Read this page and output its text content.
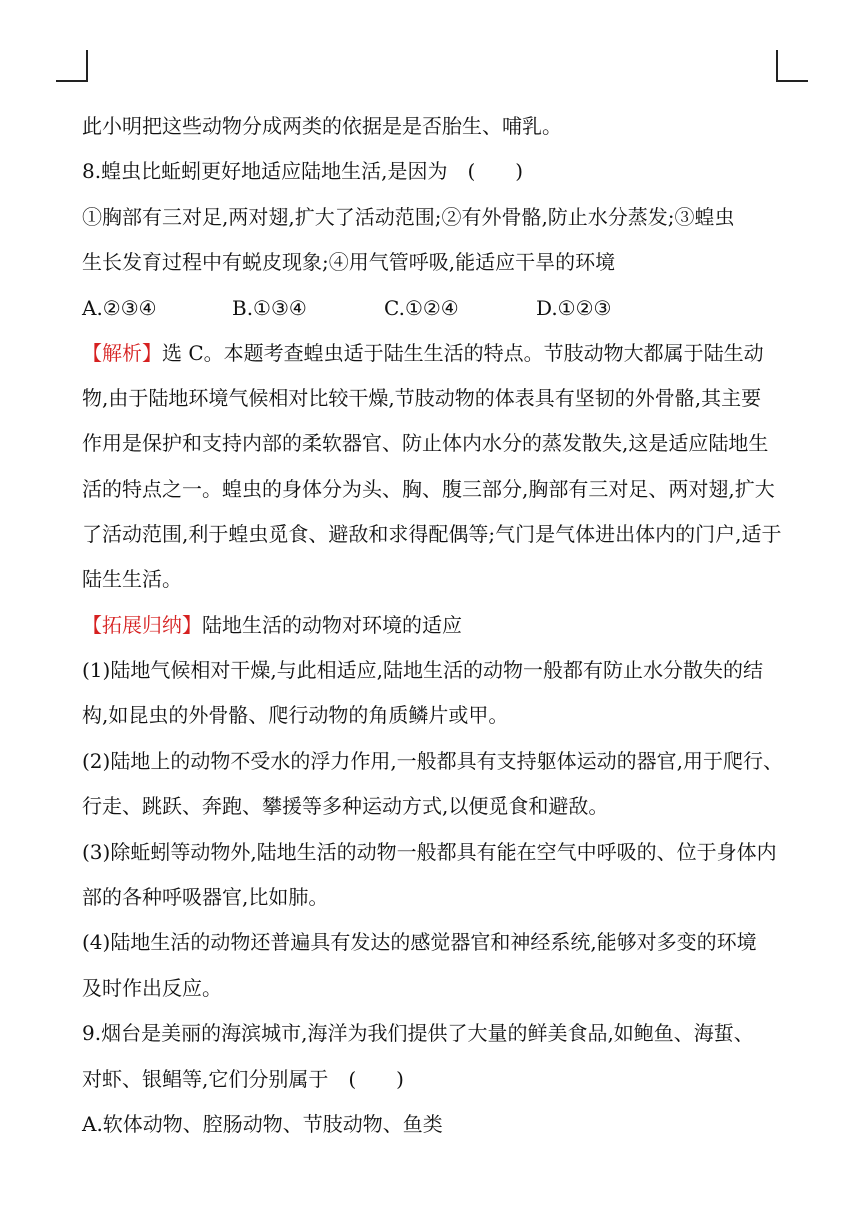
此小明把这些动物分成两类的依据是是否胎生、哺乳。
8.蝗虫比蚯蚓更好地适应陆地生活,是因为　(　　)
①胸部有三对足,两对翅,扩大了活动范围;②有外骨骼,防止水分蒸发;③蝗虫
生长发育过程中有蜕皮现象;④用气管呼吸,能适应干旱的环境
A.②③④	B.①③④	C.①②④	D.①②③
【解析】选 C。本题考查蝗虫适于陆生生活的特点。节肢动物大都属于陆生动
物,由于陆地环境气候相对比较干燥,节肢动物的体表具有坚韧的外骨骼,其主要
作用是保护和支持内部的柔软器官、防止体内水分的蒸发散失,这是适应陆地生
活的特点之一。蝗虫的身体分为头、胸、腹三部分,胸部有三对足、两对翅,扩大
了活动范围,利于蝗虫觅食、避敌和求得配偶等;气门是气体进出体内的门户,适于
陆生生活。
【拓展归纳】陆地生活的动物对环境的适应
(1)陆地气候相对干燥,与此相适应,陆地生活的动物一般都有防止水分散失的结
构,如昆虫的外骨骼、爬行动物的角质鳞片或甲。
(2)陆地上的动物不受水的浮力作用,一般都具有支持躯体运动的器官,用于爬行、
行走、跳跃、奔跑、攀援等多种运动方式,以便觅食和避敌。
(3)除蚯蚓等动物外,陆地生活的动物一般都具有能在空气中呼吸的、位于身体内
部的各种呼吸器官,比如肺。
(4)陆地生活的动物还普遍具有发达的感觉器官和神经系统,能够对多变的环境
及时作出反应。
9.烟台是美丽的海滨城市,海洋为我们提供了大量的鲜美食品,如鲍鱼、海蜇、
对虾、银鲳等,它们分别属于　(　　)
A.软体动物、腔肠动物、节肢动物、鱼类
